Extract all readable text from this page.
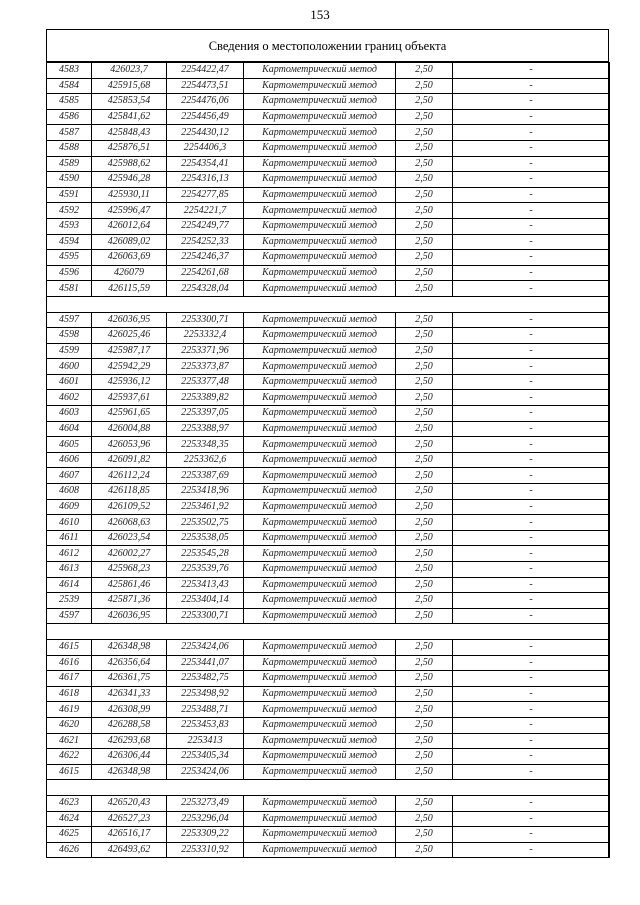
153
Сведения о местоположении границ объекта
4583	426023,7	2254422,47	Картометрический метод	2,50	-
4584	425915,68	2254473,51	Картометрический метод	2,50	-
4585	425853,54	2254476,06	Картометрический метод	2,50	-
4586	425841,62	2254456,49	Картометрический метод	2,50	-
4587	425848,43	2254430,12	Картометрический метод	2,50	-
4588	425876,51	2254406,3	Картометрический метод	2,50	-
4589	425988,62	2254354,41	Картометрический метод	2,50	-
4590	425946,28	2254316,13	Картометрический метод	2,50	-
4591	425930,11	2254277,85	Картометрический метод	2,50	-
4592	425996,47	2254221,7	Картометрический метод	2,50	-
4593	426012,64	2254249,77	Картометрический метод	2,50	-
4594	426089,02	2254252,33	Картометрический метод	2,50	-
4595	426063,69	2254246,37	Картометрический метод	2,50	-
4596	426079	2254261,68	Картометрический метод	2,50	-
4581	426115,59	2254328,04	Картометрический метод	2,50	-

4597	426036,95	2253300,71	Картометрический метод	2,50	-
4598	426025,46	2253332,4	Картометрический метод	2,50	-
4599	425987,17	2253371,96	Картометрический метод	2,50	-
4600	425942,29	2253373,87	Картометрический метод	2,50	-
4601	425936,12	2253377,48	Картометрический метод	2,50	-
4602	425937,61	2253389,82	Картометрический метод	2,50	-
4603	425961,65	2253397,05	Картометрический метод	2,50	-
4604	426004,88	2253388,97	Картометрический метод	2,50	-
4605	426053,96	2253348,35	Картометрический метод	2,50	-
4606	426091,82	2253362,6	Картометрический метод	2,50	-
4607	426112,24	2253387,69	Картометрический метод	2,50	-
4608	426118,85	2253418,96	Картометрический метод	2,50	-
4609	426109,52	2253461,92	Картометрический метод	2,50	-
4610	426068,63	2253502,75	Картометрический метод	2,50	-
4611	426023,54	2253538,05	Картометрический метод	2,50	-
4612	426002,27	2253545,28	Картометрический метод	2,50	-
4613	425968,23	2253539,76	Картометрический метод	2,50	-
4614	425861,46	2253413,43	Картометрический метод	2,50	-
2539	425871,36	2253404,14	Картометрический метод	2,50	-
4597	426036,95	2253300,71	Картометрический метод	2,50	-

4615	426348,98	2253424,06	Картометрический метод	2,50	-
4616	426356,64	2253441,07	Картометрический метод	2,50	-
4617	426361,75	2253482,75	Картометрический метод	2,50	-
4618	426341,33	2253498,92	Картометрический метод	2,50	-
4619	426308,99	2253488,71	Картометрический метод	2,50	-
4620	426288,58	2253453,83	Картометрический метод	2,50	-
4621	426293,68	2253413	Картометрический метод	2,50	-
4622	426306,44	2253405,34	Картометрический метод	2,50	-
4615	426348,98	2253424,06	Картометрический метод	2,50	-

4623	426520,43	2253273,49	Картометрический метод	2,50	-
4624	426527,23	2253296,04	Картометрический метод	2,50	-
4625	426516,17	2253309,22	Картометрический метод	2,50	-
4626	426493,62	2253310,92	Картометрический метод	2,50	-
